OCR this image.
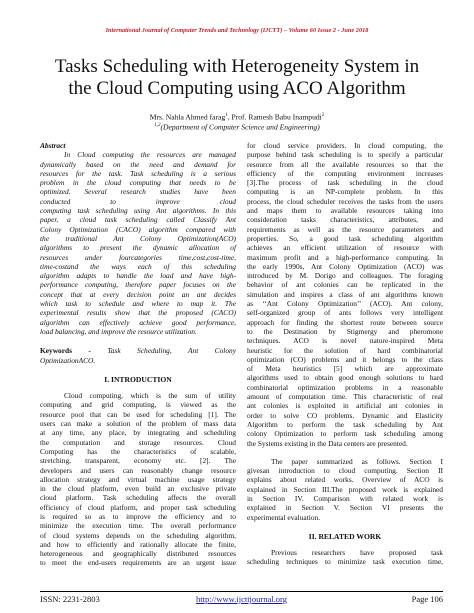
International Journal of Computer Trends and Technology (IJCTT) – Volume 60 Issue 2 - June 2018
Tasks Scheduling with Heterogeneity System in
the Cloud Computing using ACO Algorithm
Mrs. Nahla Ahmed farag$^1$, Prof. Ramesh Babu Inampudi$^2$
$^{1,2}$(Department of Computer Science and Engineering)
Abstract
In Cloud computing the resources are managed
dynamically based on the need and demand for
resources for the task. Task scheduling is a serious
problem in the cloud computing that needs to be
optimized. Several research studies have been
conducted to improve cloud
computing task scheduling using Ant algorithms. In this
paper, a cloud task scheduling called Classify Ant
Colony Optimization (CACO) algorithm compared with
the traditional Ant Colony Optimization(ACO)
algorithms to present the dynamic allocation of
resources under fourcategories time,cost,cost-time,
time-costand the ways each of this scheduling
algorithm adapts to handle the load and have high-
performance computing, therefore paper focuses on the
concept that at every decision point an ant decides
which task to schedule and where to map it. The
experimental results show that the proposed (CACO)
algorithm can effectively achieve good performance,
load balancing, and improve the resource utilization.
Keywords - Task Scheduling, Ant Colony
OptimizationACO.
I. INTRODUCTION
Cloud computing, which is the sum of utility
computing and grid computing, is viewed as the
resource pool that can be used for scheduling [1]. The
users can make a solution of the problem of mass data
at any time, any place, by integrating and scheduling
the computation and storage resources. Cloud
Computing has the characteristics of scalable,
stretching, transparent, economy etc. [2]. The
developers and users can reasonably change resource
allocation strategy and virtual machine usage strategy
in the cloud platform, even build an exclusive private
cloud platform. Task scheduling affects the overall
efficiency of cloud platform, and proper task scheduling
is required so as to improve the efficiency and to
minimize the execution time. The overall performance
of cloud systems depends on the scheduling algorithm,
and how to efficiently and rationally allocate the finite,
heterogeneous and geographically distributed resources
to meet the end-users requirements are an urgent issue
for cloud service providers. In cloud computing, the
purpose behind task scheduling is to specify a particular
resource from all the available resources so that the
efficiency of the computing environment increases
[3].The process of task scheduling in the cloud
computing is an NP-complete problem. In this
process, the cloud scheduler receives the tasks from the users
and maps them to available resources taking into
consideration tasks characteristics, attributes, and
requirements as well as the resource parameters and
properties. So, a good task scheduling algorithm
achieves an efficient utilization of resource with
maximum profit and a high-performance computing. In
the early 1990s, Ant Colony Optimization (ACO) was
introduced by M. Dorigo and colleagues. The foraging
behavior of ant colonies can be replicated in the
simulation and inspires a class of ant algorithms known
as ‘‘Ant Colony Optimization’’ (ACO). Ant colony,
self-organized group of ants follows very intelligent
approach for finding the shortest route between source
to the Destination by Stigmergy and pheromone
techniques. ACO is novel nature-inspired Meta
heuristic for the solution of hard combinatorial
optimization (CO) problems and it belongs to the class
of Meta heuristics [5] which are approximate
algorithms used to obtain good enough solutions to hard
combinatorial optimization problems in a reasonable
amount of computation time. This characteristic of real
ant colonies is exploited in artificial ant colonies in
order to solve CO problems. Dynamic and Elasticity
Algorithm to perform the task scheduling by Ant
colony Optimization to perform task scheduling among
the Systems existing in the Data centers are presented.
The paper summarized as follows. Section I
givesan introduction to cloud computing. Section II
explains about related works. Overview of ACO is
explained in Section III.The proposed work is explained
in Section IV. Comparison with related work is
explained in Section V. Section VI presents the
experimental evaluation.
II. RELATED WORK
Previous researchers have proposed task
scheduling techniques to minimize task execution time,
ISSN: 2231-2803	http://www.ijcttjournal.org	Page 106
